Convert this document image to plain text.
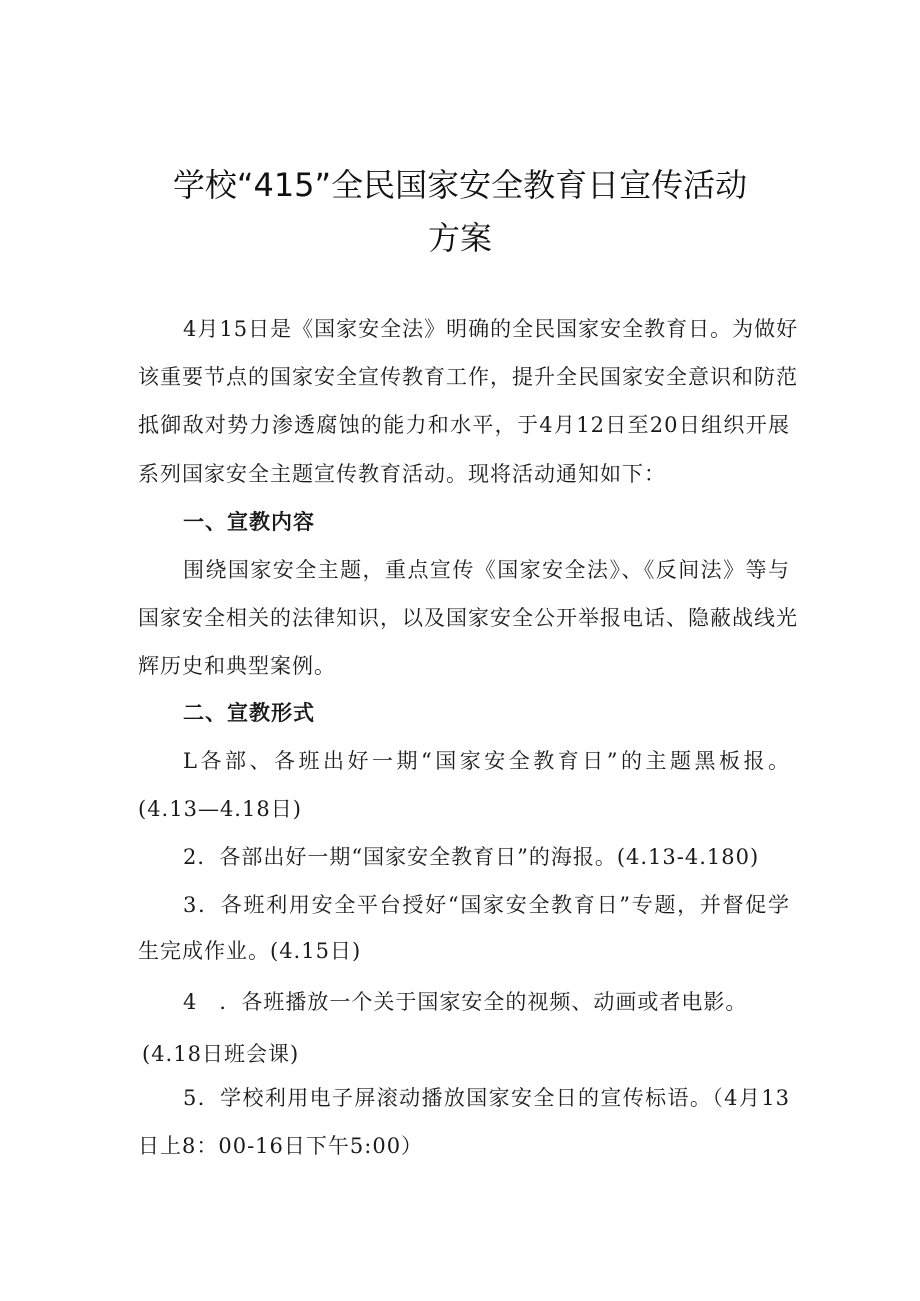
学校“415”全民国家安全教育日宣传活动
方案
4月15日是《国家安全法》明确的全民国家安全教育日。为做好
该重要节点的国家安全宣传教育工作，提升全民国家安全意识和防范
抵御敌对势力渗透腐蚀的能力和水平，于4月12日至20日组织开展
系列国家安全主题宣传教育活动。现将活动通知如下：
一、宣教内容
围绕国家安全主题，重点宣传《国家安全法》、《反间法》等与
国家安全相关的法律知识，以及国家安全公开举报电话、隐蔽战线光
辉历史和典型案例。
二、宣教形式
L各部、各班出好一期“国家安全教育日”的主题黑板报。
(4.13—4.18日)
2．各部出好一期“国家安全教育日”的海报。(4.13-4.180)
3．各班利用安全平台授好“国家安全教育日”专题，并督促学
生完成作业。(4.15日)
4　．各班播放一个关于国家安全的视频、动画或者电影。
(4.18日班会课)
5．学校利用电子屏滚动播放国家安全日的宣传标语。（4月13
日上8：00-16日下午5:00）
